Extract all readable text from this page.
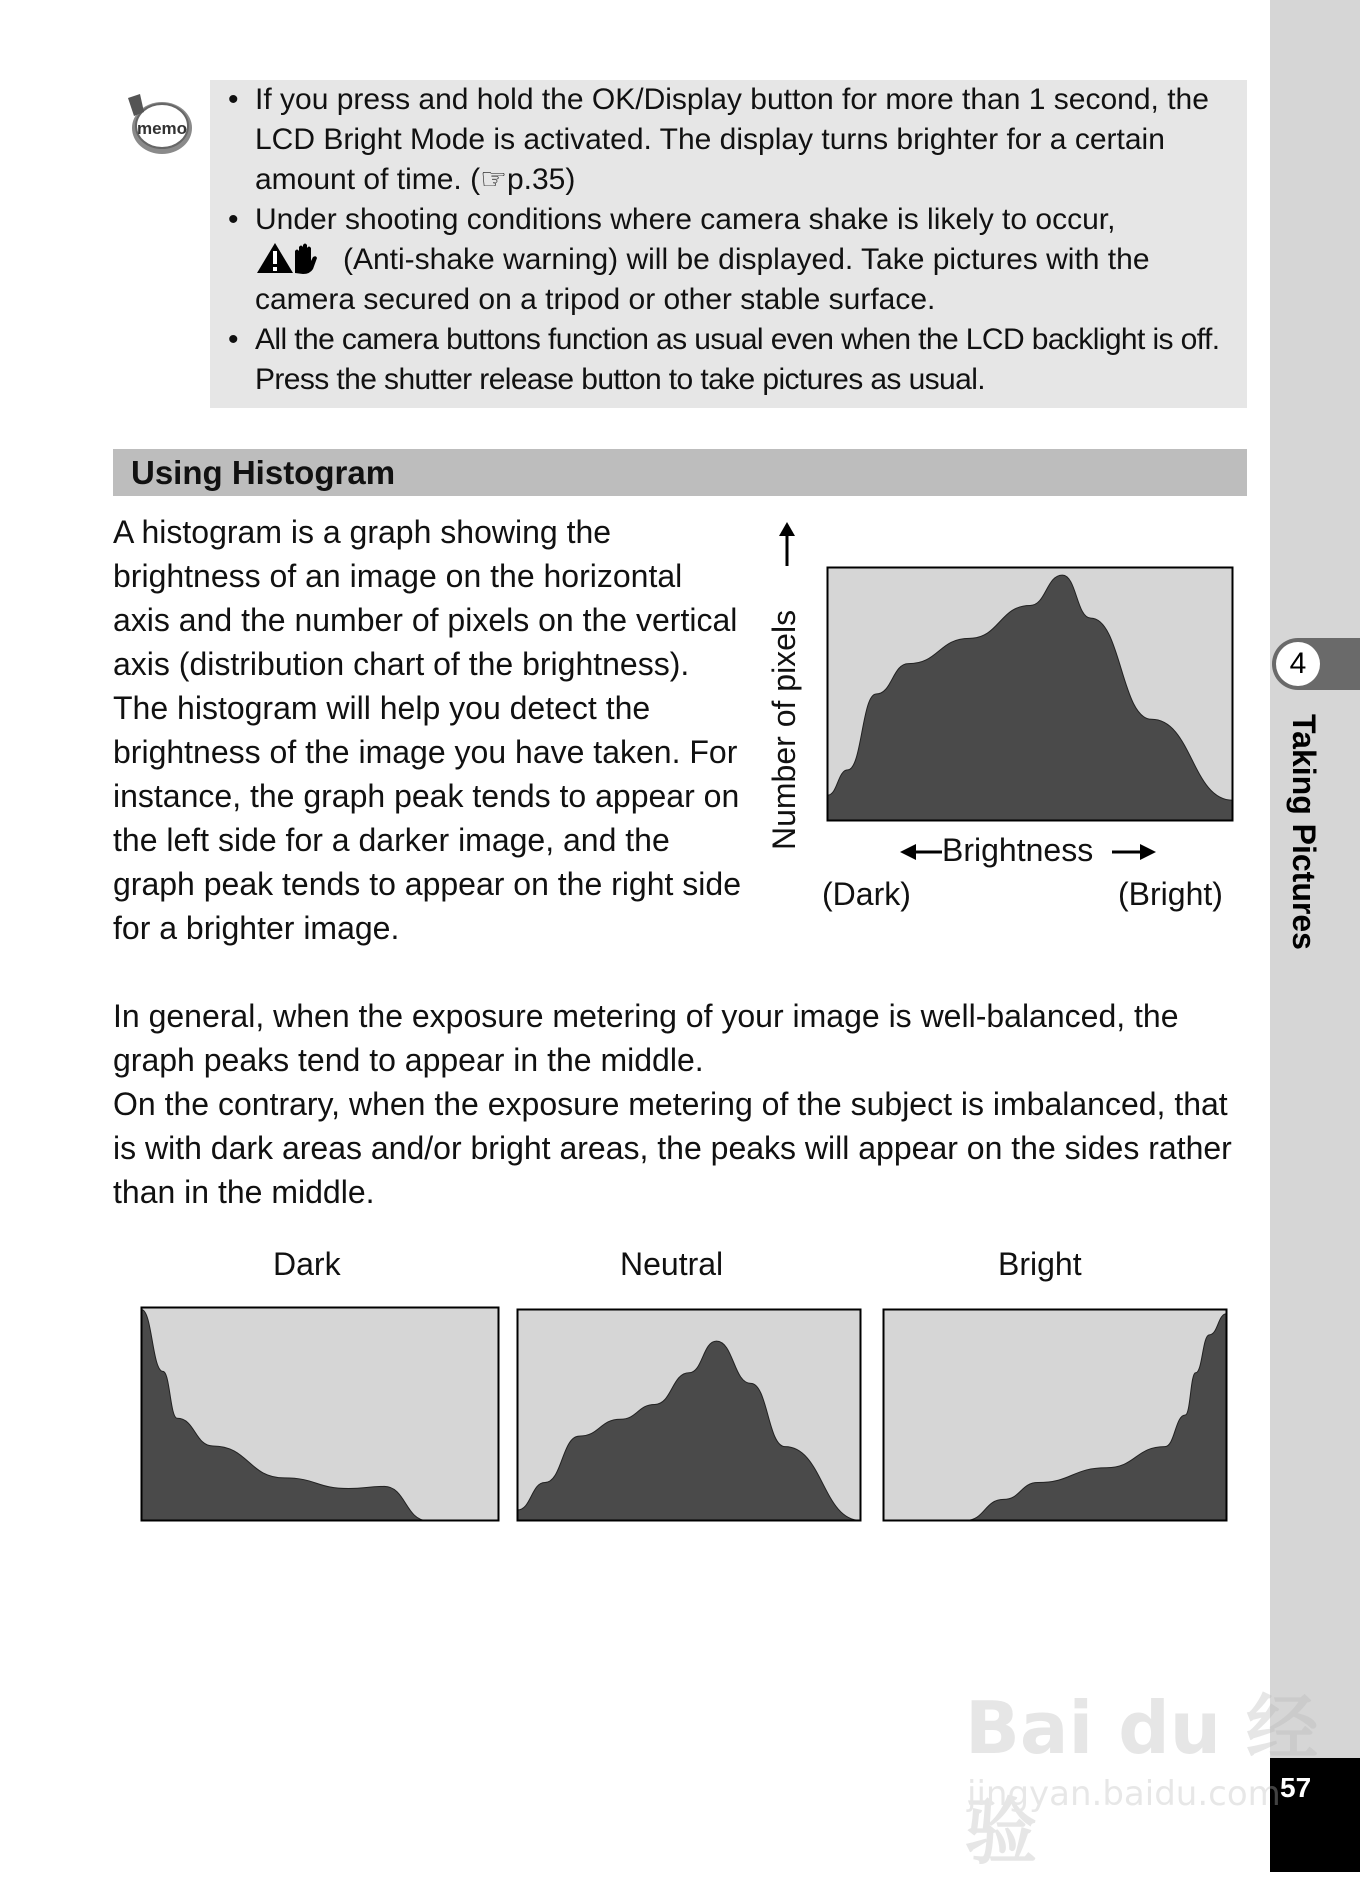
4
Taking Pictures
57
memo
• If you press and hold the OK/Display button for more than 1 second, the LCD Bright Mode is activated. The display turns brighter for a certain amount of time. (☞p.35)
• Under shooting conditions where camera shake is likely to occur,
(Anti-shake warning) will be displayed. Take pictures with the camera secured on a tripod or other stable surface.
• All the camera buttons function as usual even when the LCD backlight is off. Press the shutter release button to take pictures as usual.
Using Histogram

A histogram is a graph showing the brightness of an image on the horizontal axis and the number of pixels on the vertical axis (distribution chart of the brightness). The histogram will help you detect the brightness of the image you have taken. For instance, the graph peak tends to appear on the left side for a darker image, and the graph peak tends to appear on the right side for a brighter image.

In general, when the exposure metering of your image is well-balanced, the graph peaks tend to appear in the middle.
On the contrary, when the exposure metering of the subject is imbalanced, that is with dark areas and/or bright areas, the peaks will appear on the sides rather than in the middle.
Number of pixels	Brightness
(Dark)	(Bright)
Dark	Neutral	Bright
Bai du 经验
jingyan.baidu.com
